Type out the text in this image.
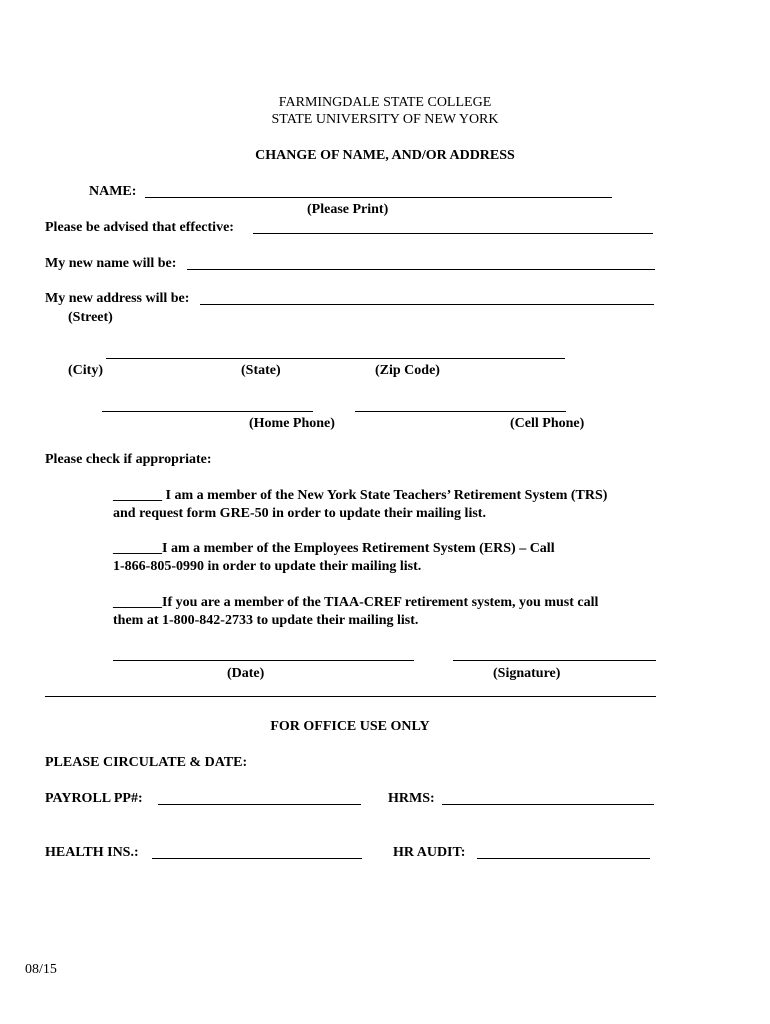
FARMINGDALE STATE COLLEGE
STATE UNIVERSITY OF NEW YORK
CHANGE OF NAME, AND/OR ADDRESS
NAME:
(Please Print)
Please be advised that effective:
My new name will be:
My new address will be:
(Street)
(City)	(State)	(Zip Code)
(Home Phone)	(Cell Phone)
Please check if appropriate:
_______ I am a member of the New York State Teachers’ Retirement System (TRS)
and request form GRE-50 in order to update their mailing list.
_______I am a member of the Employees Retirement System (ERS) – Call
1-866-805-0990 in order to update their mailing list.
_______If you are a member of the TIAA-CREF retirement system, you must call
them at 1-800-842-2733 to update their mailing list.
(Date)	(Signature)
FOR OFFICE USE ONLY
PLEASE CIRCULATE & DATE:
PAYROLL PP#:	HRMS:
HEALTH INS.:	HR AUDIT:
08/15
